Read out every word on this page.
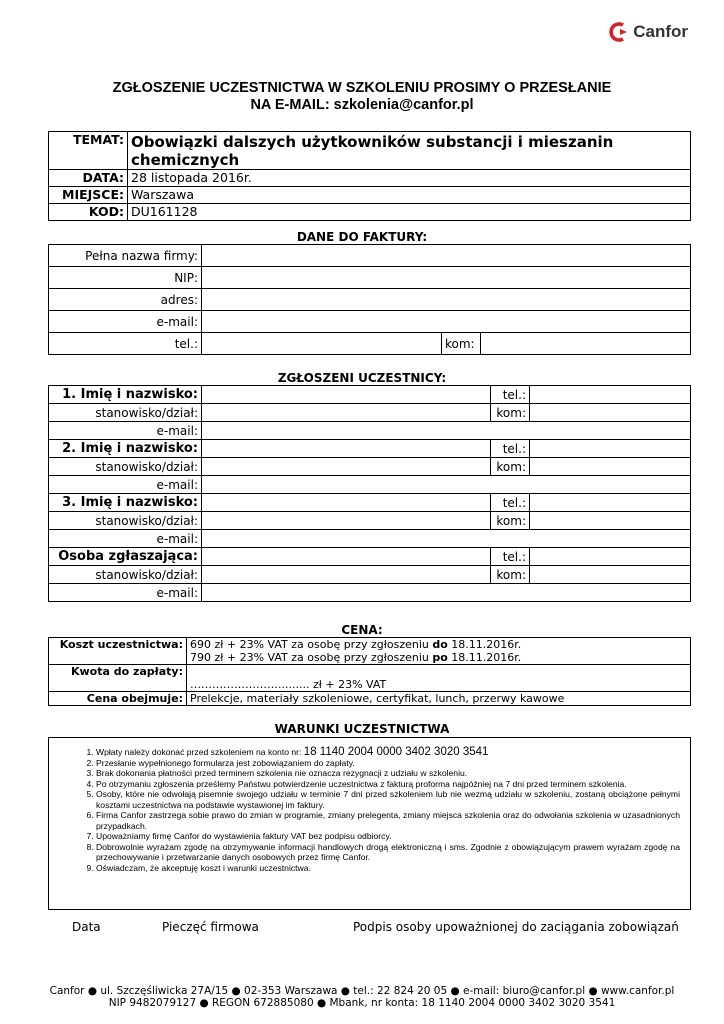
Canfor
ZGŁOSZENIE UCZESTNICTWA W SZKOLENIU PROSIMY O PRZESŁANIE
NA E-MAIL: szkolenia@canfor.pl
TEMAT:	Obowiązki dalszych użytkowników substancji i mieszanin chemicznych
DATA:	28 listopada 2016r.
MIEJSCE:	Warszawa
KOD:	DU161128
DANE DO FAKTURY:
Pełna nazwa firmy:			
NIP:			
adres:			
e-mail:			
tel.:		kom:	
ZGŁOSZENI UCZESTNICY:
1. Imię i nazwisko:		tel.:	
stanowisko/dział:		kom:	
e-mail:			
2. Imię i nazwisko:		tel.:	
stanowisko/dział:		kom:	
e-mail:			
3. Imię i nazwisko:		tel.:	
stanowisko/dział:		kom:	
e-mail:			
Osoba zgłaszająca:		tel.:	
stanowisko/dział:		kom:	
e-mail:			
CENA:
Koszt uczestnictwa:	690 zł + 23% VAT za osobę przy zgłoszeniu do 18.11.2016r.
790 zł + 23% VAT za osobę przy zgłoszeniu po 18.11.2016r.

Kwota do zapłaty:	……………………......... zł + 23% VAT
Cena obejmuje:	Prelekcje, materiały szkoleniowe, certyfikat, lunch, przerwy kawowe
WARUNKI UCZESTNICTWA
1. Wpłaty należy dokonać przed szkoleniem na konto nr: 18 1140 2004 0000 3402 3020 3541
2. Przesłanie wypełnionego formularza jest zobowiązaniem do zapłaty.
3. Brak dokonania płatności przed terminem szkolenia nie oznacza rezygnacji z udziału w szkoleniu.
4. Po otrzymaniu zgłoszenia prześlemy Państwu potwierdzenie uczestnictwa z fakturą proforma najpóźniej na 7 dni przed terminem szkolenia.
5. Osoby, które nie odwołają pisemnie swojego udziału w terminie 7 dni przed szkoleniem lub nie wezmą udziału w szkoleniu, zostaną obciążone pełnymi kosztami uczestnictwa na podstawie wystawionej im faktury.
6. Firma Canfor zastrzega sobie prawo do zmian w programie, zmiany prelegenta, zmiany miejsca szkolenia oraz do odwołania szkolenia w uzasadnionych przypadkach.
7. Upoważniamy firmę Canfor do wystawienia faktury VAT bez podpisu odbiorcy.
8. Dobrowolnie wyrażam zgodę na otrzymywanie informacji handlowych drogą elektroniczną i sms. Zgodnie z obowiązującym prawem wyrażam zgodę na przechowywanie i przetwarzanie danych osobowych przez firmę Canfor.
9. Oświadczam, że akceptuję koszt i warunki uczestnictwa.
Data	Pieczęć firmowa	Podpis osoby upoważnionej do zaciągania zobowiązań
Canfor ● ul. Szczęśliwicka 27A/15 ● 02-353 Warszawa ● tel.: 22 824 20 05 ● e-mail: biuro@canfor.pl ● www.canfor.pl
NIP 9482079127 ● REGON 672885080 ● Mbank, nr konta: 18 1140 2004 0000 3402 3020 3541
